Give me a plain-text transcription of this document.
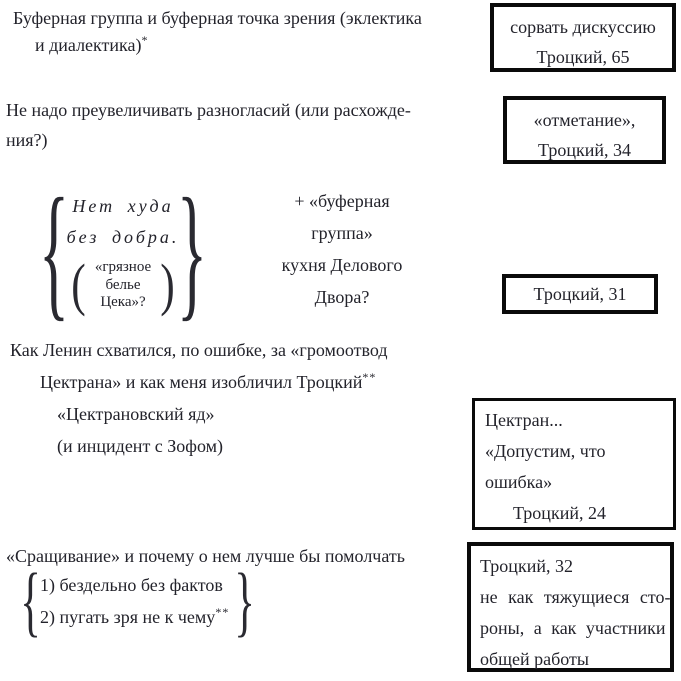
Буферная группа и буферная точка зрения (эклектика
и диалектика)*
Не надо преувеличивать разногласий (или расхожде-
ния?)
{ Нет худа
без добра.
( «грязное
белье
Цека»? ) }	+ «буферная
группа»
кухня Делового
Двора?
Как Ленин схватился, по ошибке, за «громоотвод
Цектрана» и как меня изобличил Троцкий**
«Цектрановский яд»
(и инцидент с Зофом)
«Сращивание» и почему о нем лучше бы помолчать
{ 1) бездельно без фактов
2) пугать зря не к чему** }
сорвать дискуссию
Троцкий, 65
«отметание»,
Троцкий, 34
Троцкий, 31
Цектран...
«Допустим, что
ошибка»
Троцкий, 24
Троцкий, 32
не как тяжущиеся сто-
роны, а как участники
общей работы
